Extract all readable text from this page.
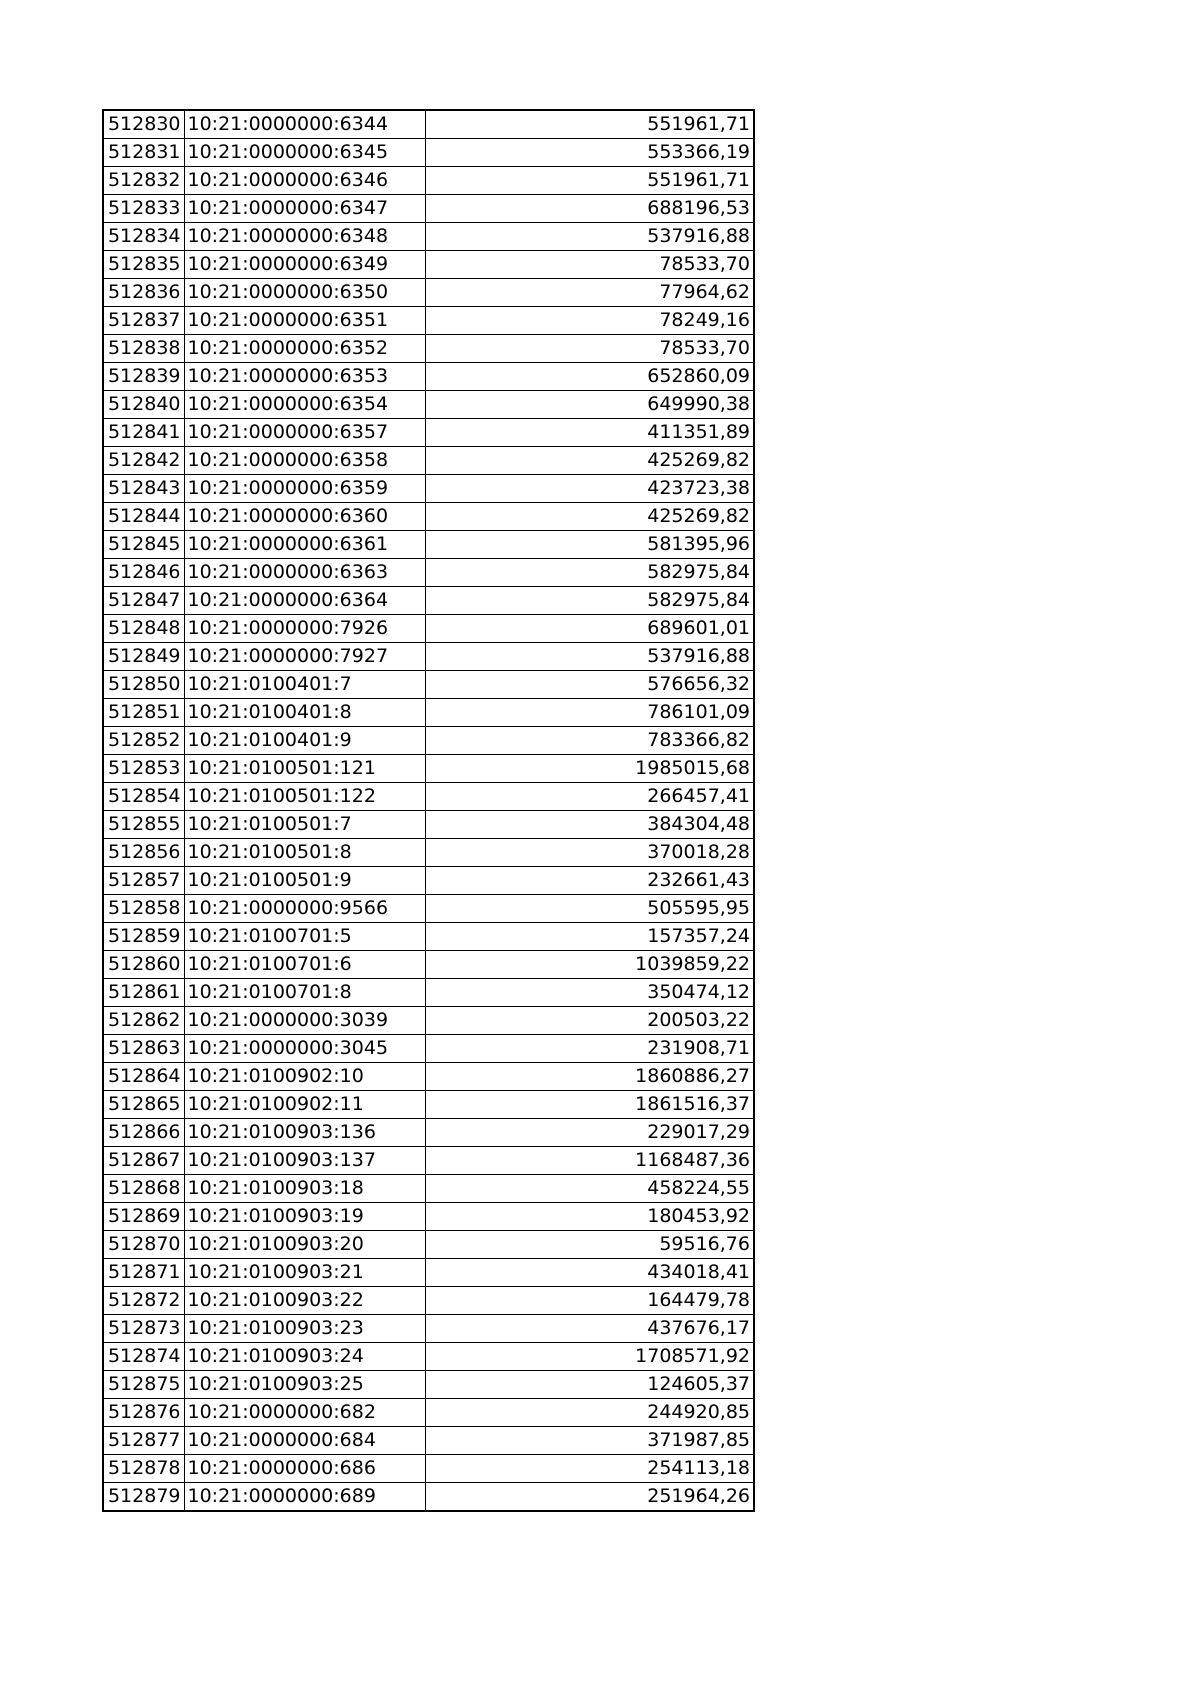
512830	10:21:0000000:6344	551961,71
512831	10:21:0000000:6345	553366,19
512832	10:21:0000000:6346	551961,71
512833	10:21:0000000:6347	688196,53
512834	10:21:0000000:6348	537916,88
512835	10:21:0000000:6349	78533,70
512836	10:21:0000000:6350	77964,62
512837	10:21:0000000:6351	78249,16
512838	10:21:0000000:6352	78533,70
512839	10:21:0000000:6353	652860,09
512840	10:21:0000000:6354	649990,38
512841	10:21:0000000:6357	411351,89
512842	10:21:0000000:6358	425269,82
512843	10:21:0000000:6359	423723,38
512844	10:21:0000000:6360	425269,82
512845	10:21:0000000:6361	581395,96
512846	10:21:0000000:6363	582975,84
512847	10:21:0000000:6364	582975,84
512848	10:21:0000000:7926	689601,01
512849	10:21:0000000:7927	537916,88
512850	10:21:0100401:7	576656,32
512851	10:21:0100401:8	786101,09
512852	10:21:0100401:9	783366,82
512853	10:21:0100501:121	1985015,68
512854	10:21:0100501:122	266457,41
512855	10:21:0100501:7	384304,48
512856	10:21:0100501:8	370018,28
512857	10:21:0100501:9	232661,43
512858	10:21:0000000:9566	505595,95
512859	10:21:0100701:5	157357,24
512860	10:21:0100701:6	1039859,22
512861	10:21:0100701:8	350474,12
512862	10:21:0000000:3039	200503,22
512863	10:21:0000000:3045	231908,71
512864	10:21:0100902:10	1860886,27
512865	10:21:0100902:11	1861516,37
512866	10:21:0100903:136	229017,29
512867	10:21:0100903:137	1168487,36
512868	10:21:0100903:18	458224,55
512869	10:21:0100903:19	180453,92
512870	10:21:0100903:20	59516,76
512871	10:21:0100903:21	434018,41
512872	10:21:0100903:22	164479,78
512873	10:21:0100903:23	437676,17
512874	10:21:0100903:24	1708571,92
512875	10:21:0100903:25	124605,37
512876	10:21:0000000:682	244920,85
512877	10:21:0000000:684	371987,85
512878	10:21:0000000:686	254113,18
512879	10:21:0000000:689	251964,26
